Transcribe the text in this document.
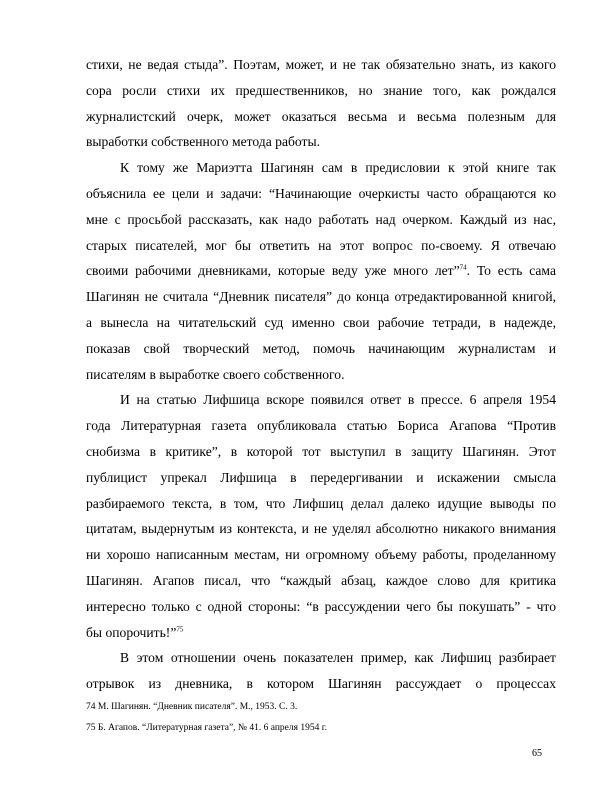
стихи, не ведая стыда”. Поэтам, может, и не так обязательно знать, из какого
сора росли стихи их предшественников, но знание того, как рождался
журналистский очерк, может оказаться весьма и весьма полезным для
выработки собственного метода работы.
К тому же Мариэтта Шагинян сам в предисловии к этой книге так
объяснила ее цели и задачи: “Начинающие очеркисты часто обращаются ко
мне с просьбой рассказать, как надо работать над очерком. Каждый из нас,
старых писателей, мог бы ответить на этот вопрос по-своему. Я отвечаю
своими рабочими дневниками, которые веду уже много лет”$^{74}$. То есть сама
Шагинян не считала “Дневник писателя” до конца отредактированной книгой,
а вынесла на читательский суд именно свои рабочие тетради, в надежде,
показав свой творческий метод, помочь начинающим журналистам и
писателям в выработке своего собственного.
И на статью Лифшица вскоре появился ответ в прессе. 6 апреля 1954
года Литературная газета опубликовала статью Бориса Агапова “Против
снобизма в критике”, в которой тот выступил в защиту Шагинян. Этот
публицист упрекал Лифшица в передергивании и искажении смысла
разбираемого текста, в том, что Лифшиц делал далеко идущие выводы по
цитатам, выдернутым из контекста, и не уделял абсолютно никакого внимания
ни хорошо написанным местам, ни огромному объему работы, проделанному
Шагинян. Агапов писал, что “каждый абзац, каждое слово для критика
интересно только с одной стороны: “в рассуждении чего бы покушать” - что
бы опорочить!”$^{75}$
В этом отношении очень показателен пример, как Лифшиц разбирает
отрывок из дневника, в котором Шагинян рассуждает о процессах
74 М. Шагинян. “Дневник писателя”. М., 1953. С. 3.
75 Б. Агапов. “Литературная газета”, № 41. 6 апреля 1954 г.
65
